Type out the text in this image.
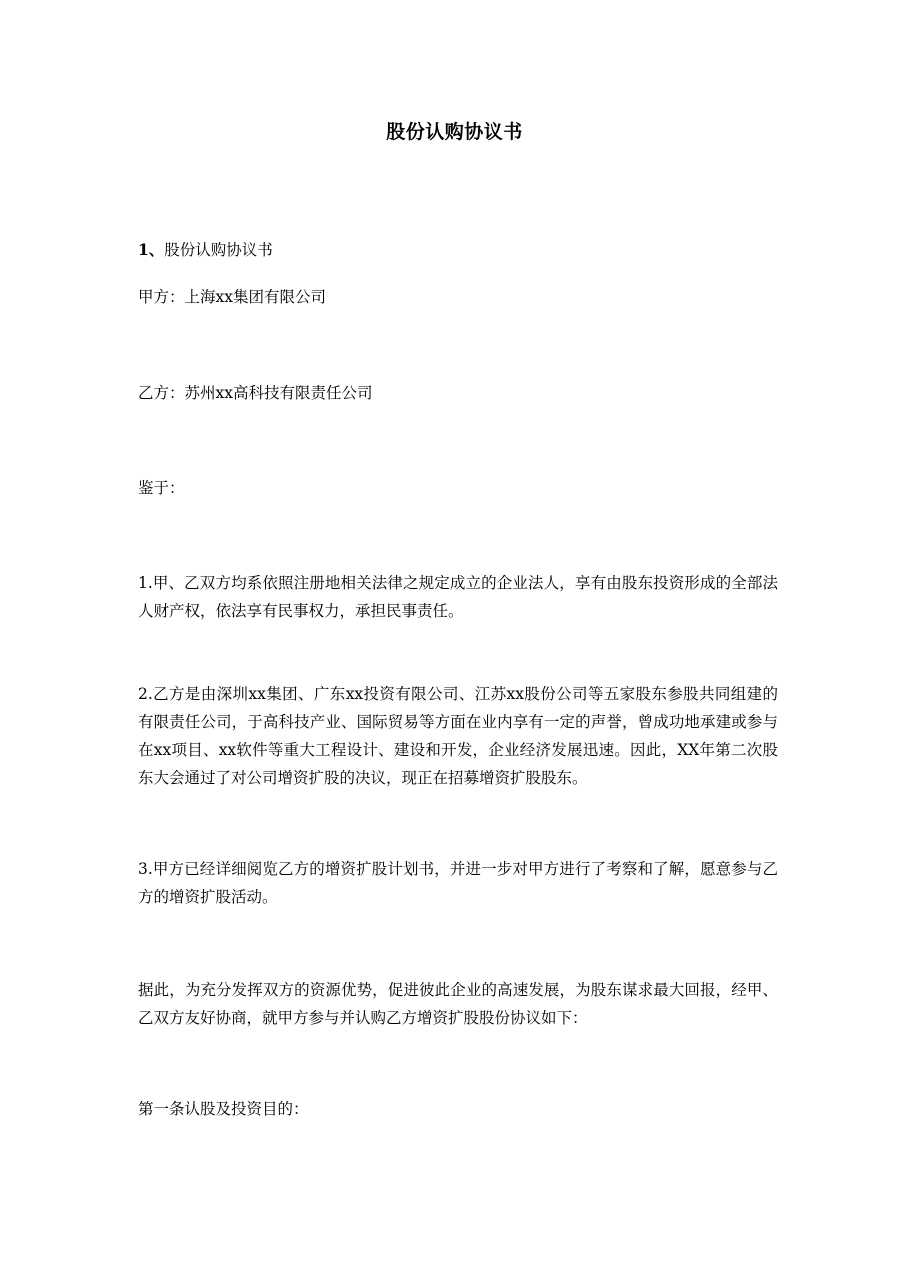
股份认购协议书
1、股份认购协议书
甲方：上海xx集团有限公司
乙方：苏州xx高科技有限责任公司
鉴于：
1.甲、乙双方均系依照注册地相关法律之规定成立的企业法人，享有由股东投资形成的全部法人财产权，依法享有民事权力，承担民事责任。
2.乙方是由深圳xx集团、广东xx投资有限公司、江苏xx股份公司等五家股东参股共同组建的有限责任公司，于高科技产业、国际贸易等方面在业内享有一定的声誉，曾成功地承建或参与在xx项目、xx软件等重大工程设计、建设和开发，企业经济发展迅速。因此，XX年第二次股东大会通过了对公司增资扩股的决议，现正在招募增资扩股股东。
3.甲方已经详细阅览乙方的增资扩股计划书，并进一步对甲方进行了考察和了解，愿意参与乙方的增资扩股活动。
据此，为充分发挥双方的资源优势，促进彼此企业的高速发展，为股东谋求最大回报，经甲、乙双方友好协商，就甲方参与并认购乙方增资扩股股份协议如下：
第一条认股及投资目的：
